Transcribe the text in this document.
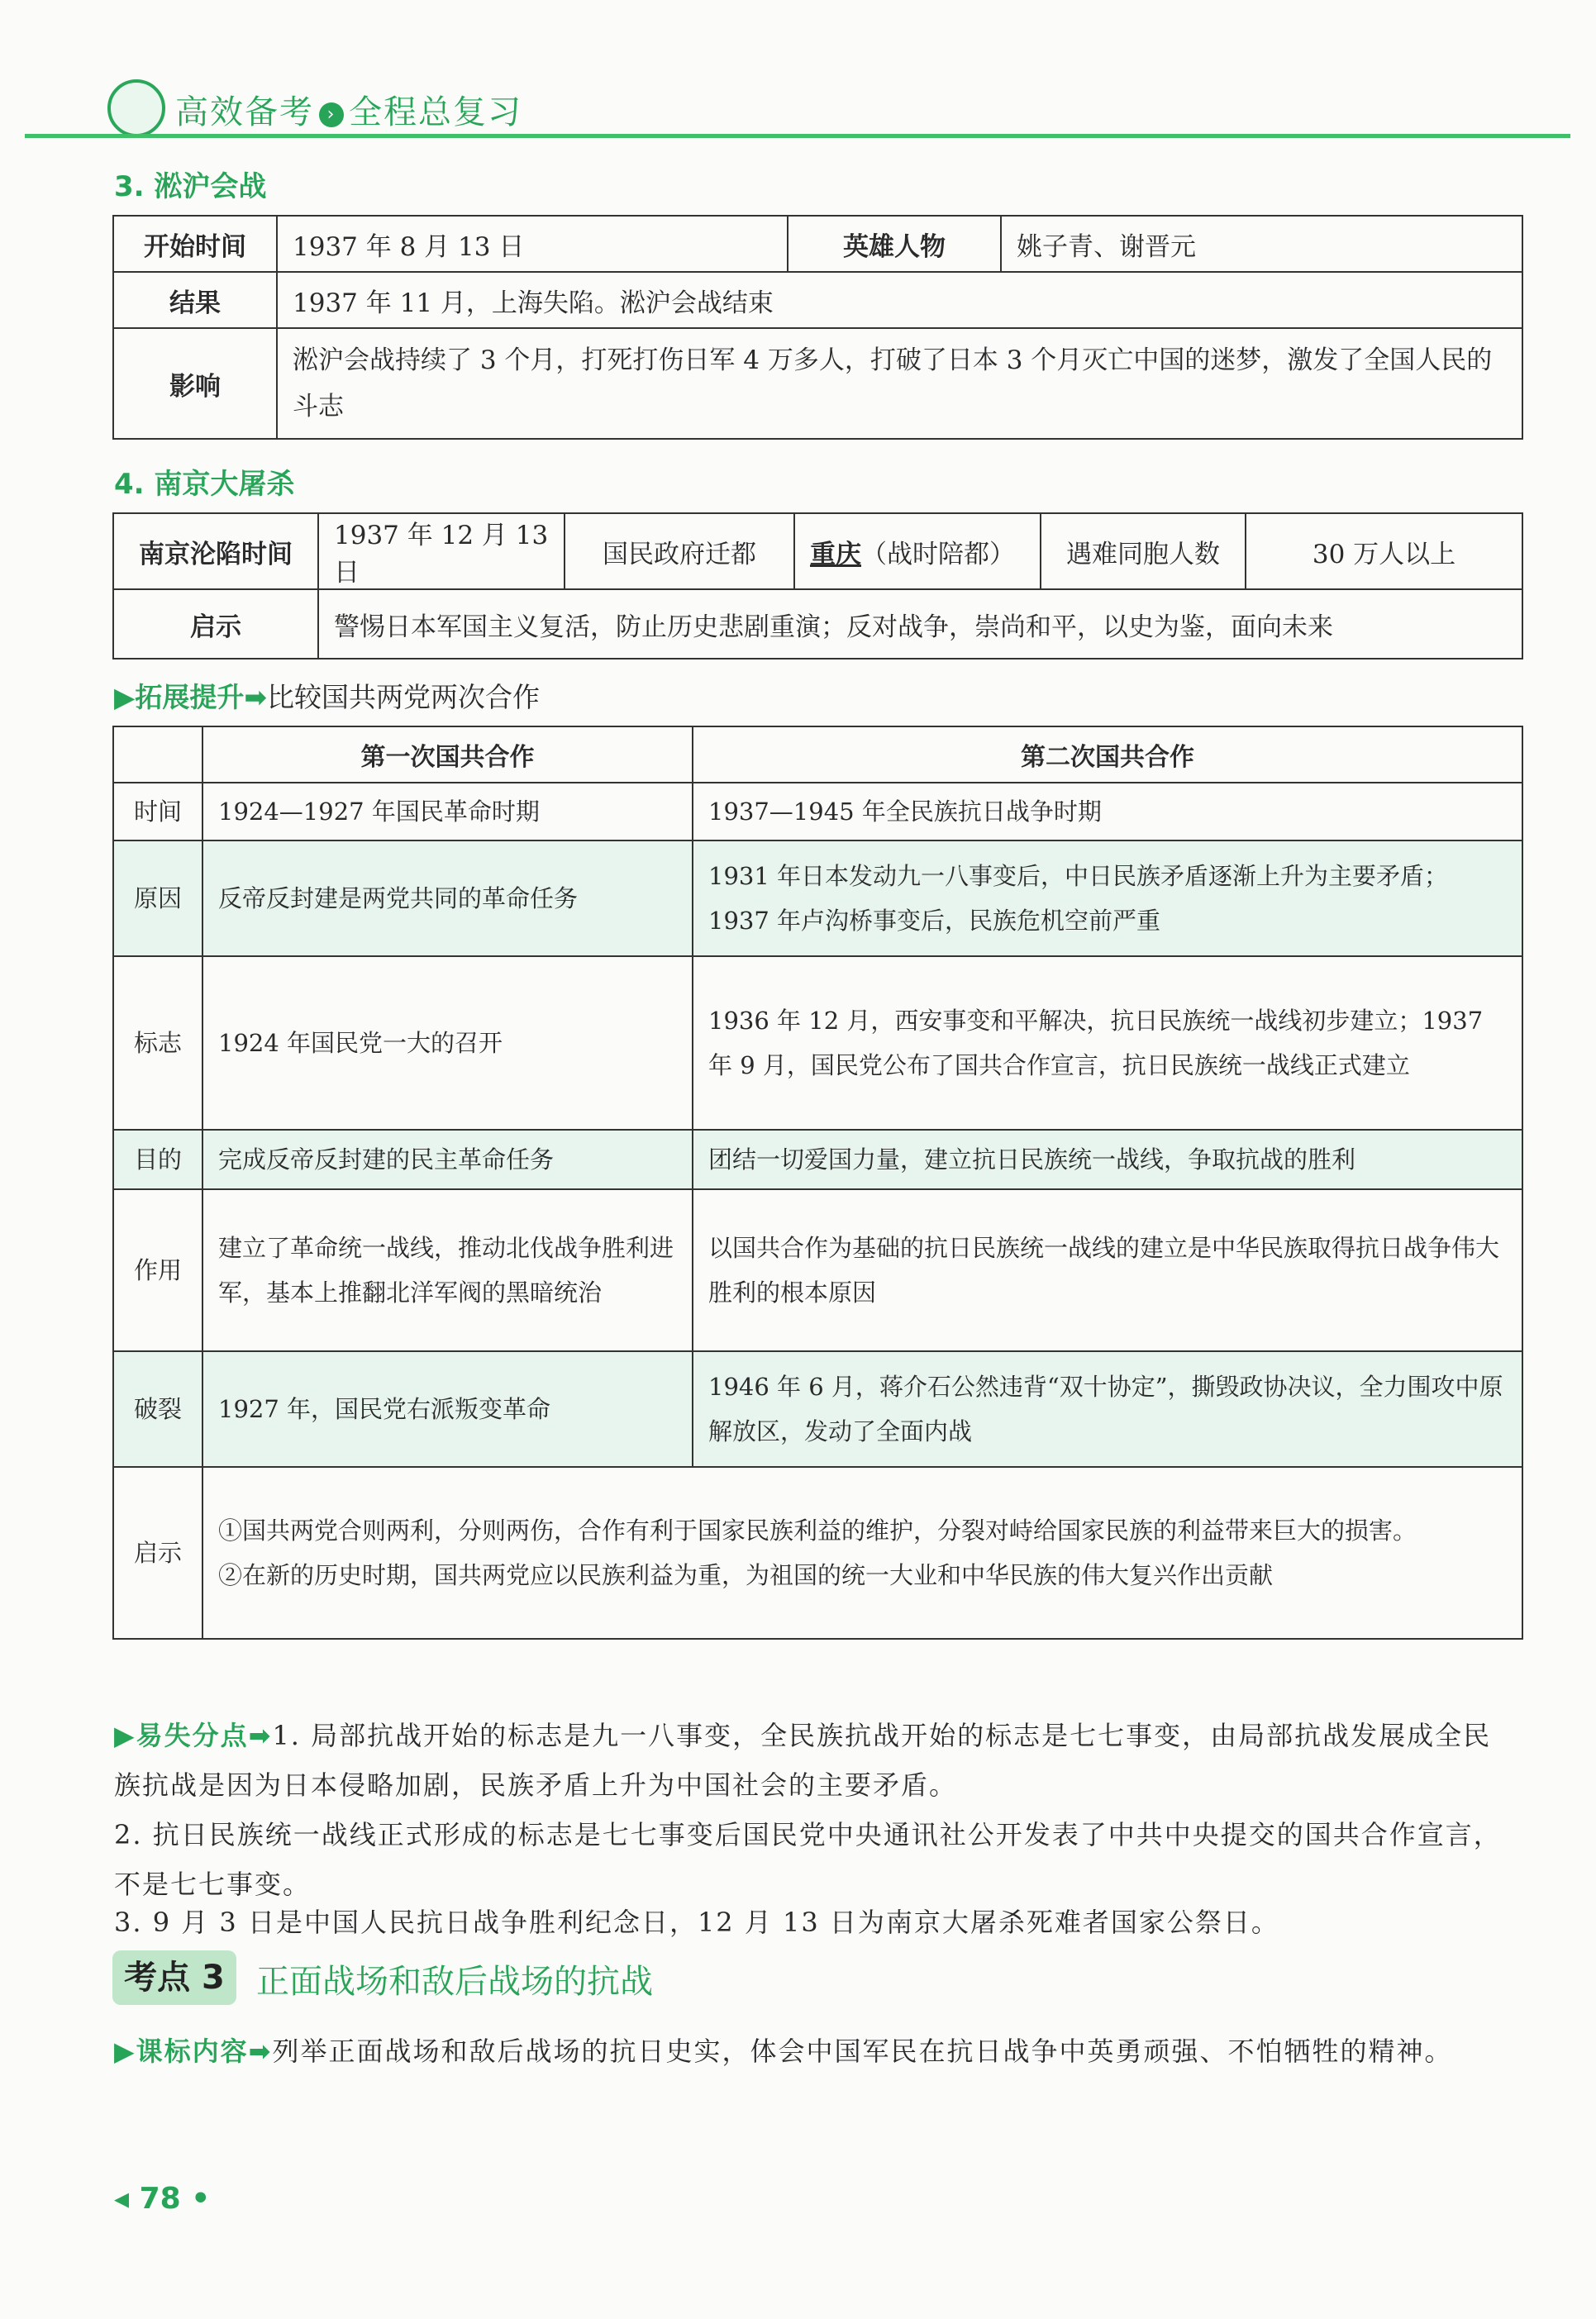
高效备考 › 全程总复习
3. 淞沪会战
开始时间	1937 年 8 月 13 日	英雄人物	姚子青、谢晋元
结果	1937 年 11 月，上海失陷。淞沪会战结束		
影响	淞沪会战持续了 3 个月，打死打伤日军 4 万多人，打破了日本 3 个月灭亡中国的迷梦，激发了全国人民的斗志		
4. 南京大屠杀
南京沦陷时间	1937 年 12 月 13 日	国民政府迁都	重庆（战时陪都）	遇难同胞人数	30 万人以上
启示	警惕日本军国主义复活，防止历史悲剧重演；反对战争，崇尚和平，以史为鉴，面向未来				
▶拓展提升➡比较国共两党两次合作
	第一次国共合作	第二次国共合作
时间	1924—1927 年国民革命时期	1937—1945 年全民族抗日战争时期
原因	反帝反封建是两党共同的革命任务	1931 年日本发动九一八事变后，中日民族矛盾逐渐上升为主要矛盾；1937 年卢沟桥事变后，民族危机空前严重
标志	1924 年国民党一大的召开	1936 年 12 月，西安事变和平解决，抗日民族统一战线初步建立；1937 年 9 月，国民党公布了国共合作宣言，抗日民族统一战线正式建立
目的	完成反帝反封建的民主革命任务	团结一切爱国力量，建立抗日民族统一战线，争取抗战的胜利
作用	建立了革命统一战线，推动北伐战争胜利进军，基本上推翻北洋军阀的黑暗统治	以国共合作为基础的抗日民族统一战线的建立是中华民族取得抗日战争伟大胜利的根本原因
破裂	1927 年，国民党右派叛变革命	1946 年 6 月，蒋介石公然违背“双十协定”，撕毁政协决议，全力围攻中原解放区，发动了全面内战
启示	①国共两党合则两利，分则两伤，合作有利于国家民族利益的维护，分裂对峙给国家民族的利益带来巨大的损害。
②在新的历史时期，国共两党应以民族利益为重，为祖国的统一大业和中华民族的伟大复兴作出贡献	
▶易失分点➡1. 局部抗战开始的标志是九一八事变，全民族抗战开始的标志是七七事变，由局部抗战发展成全民族抗战是因为日本侵略加剧，民族矛盾上升为中国社会的主要矛盾。
2. 抗日民族统一战线正式形成的标志是七七事变后国民党中央通讯社公开发表了中共中央提交的国共合作宣言，不是七七事变。
3. 9 月 3 日是中国人民抗日战争胜利纪念日，12 月 13 日为南京大屠杀死难者国家公祭日。
考点 3 正面战场和敌后战场的抗战
▶课标内容➡列举正面战场和敌后战场的抗日史实，体会中国军民在抗日战争中英勇顽强、不怕牺牲的精神。
◂ 78 •
